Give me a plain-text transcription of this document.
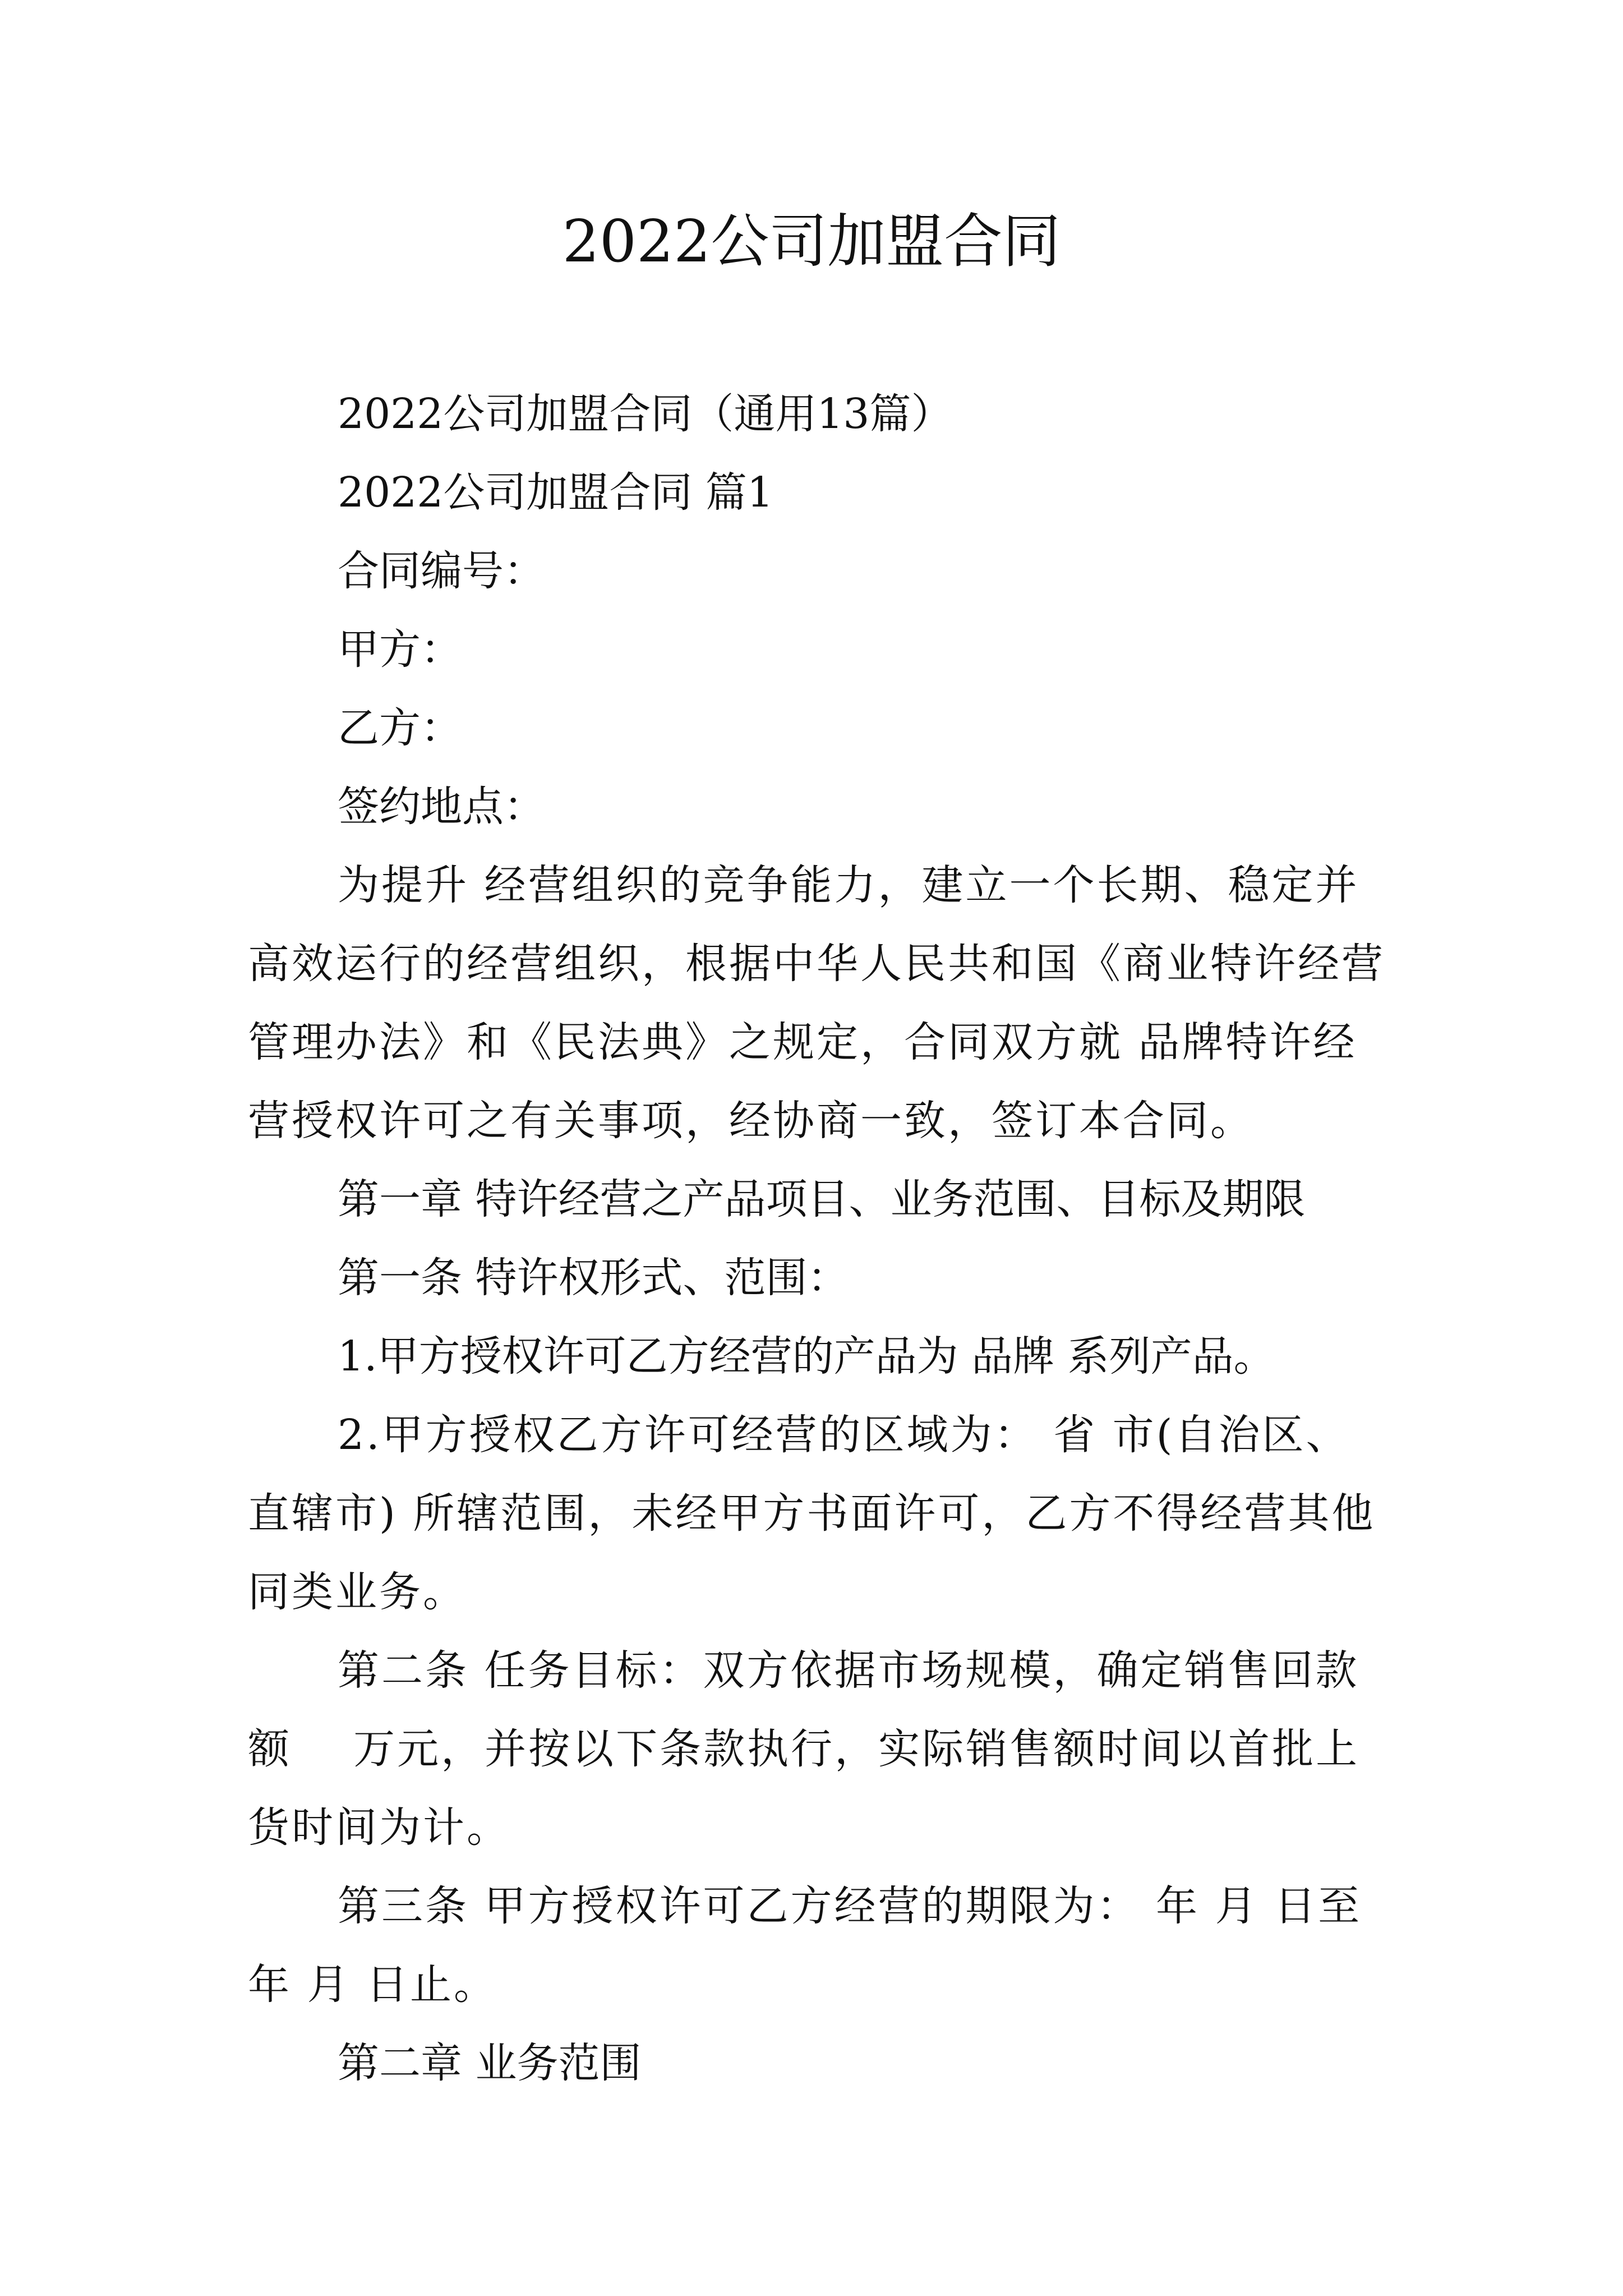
2022公司加盟合同

2022公司加盟合同（通用13篇）

2022公司加盟合同 篇1

合同编号：

甲方：

乙方：

签约地点：

为提升 经营组织的竞争能力，建立一个长期、稳定并高效运行的经营组织，根据中华人民共和国《商业特许经营管理办法》和《民法典》之规定，合同双方就 品牌特许经营授权许可之有关事项，经协商一致，签订本合同。

第一章 特许经营之产品项目、业务范围、目标及期限

第一条 特许权形式、范围：

1.甲方授权许可乙方经营的产品为 品牌 系列产品。

2.甲方授权乙方许可经营的区域为： 省 市(自治区、直辖市) 所辖范围，未经甲方书面许可，乙方不得经营其他同类业务。

第二条 任务目标：双方依据市场规模，确定销售回款额    万元，并按以下条款执行，实际销售额时间以首批上货时间为计。

第三条 甲方授权许可乙方经营的期限为： 年 月 日至 年 月 日止。

第二章 业务范围
